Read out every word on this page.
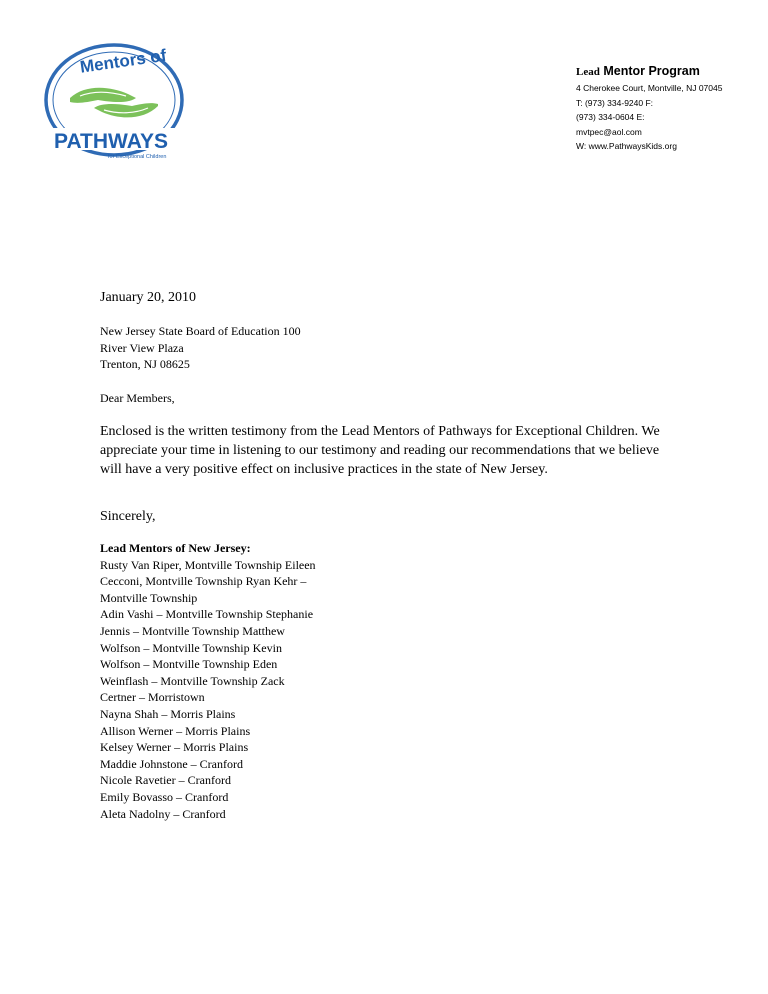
PATHWAYS
for Exceptional Children
Mentors of	Lead Mentor Program
4 Cherokee Court, Montville, NJ 07045
T: (973) 334-9240 F:
(973) 334-0604 E:
mvtpec@aol.com
W: www.PathwaysKids.org
January 20, 2010
New Jersey State Board of Education 100
River View Plaza
Trenton, NJ 08625
Dear Members,
Enclosed is the written testimony from the Lead Mentors of Pathways for Exceptional Children. We
appreciate your time in listening to our testimony and reading our recommendations that we believe
will have a very positive effect on inclusive practices in the state of New Jersey.
Sincerely,
Lead Mentors of New Jersey:
Rusty Van Riper, Montville Township Eileen
Cecconi, Montville Township Ryan Kehr –
Montville Township
Adin Vashi – Montville Township Stephanie
Jennis – Montville Township Matthew
Wolfson – Montville Township Kevin
Wolfson – Montville Township Eden
Weinflash – Montville Township Zack
Certner – Morristown
Nayna Shah – Morris Plains
Allison Werner – Morris Plains
Kelsey Werner – Morris Plains
Maddie Johnstone – Cranford
Nicole Ravetier – Cranford
Emily Bovasso – Cranford
Aleta Nadolny – Cranford
